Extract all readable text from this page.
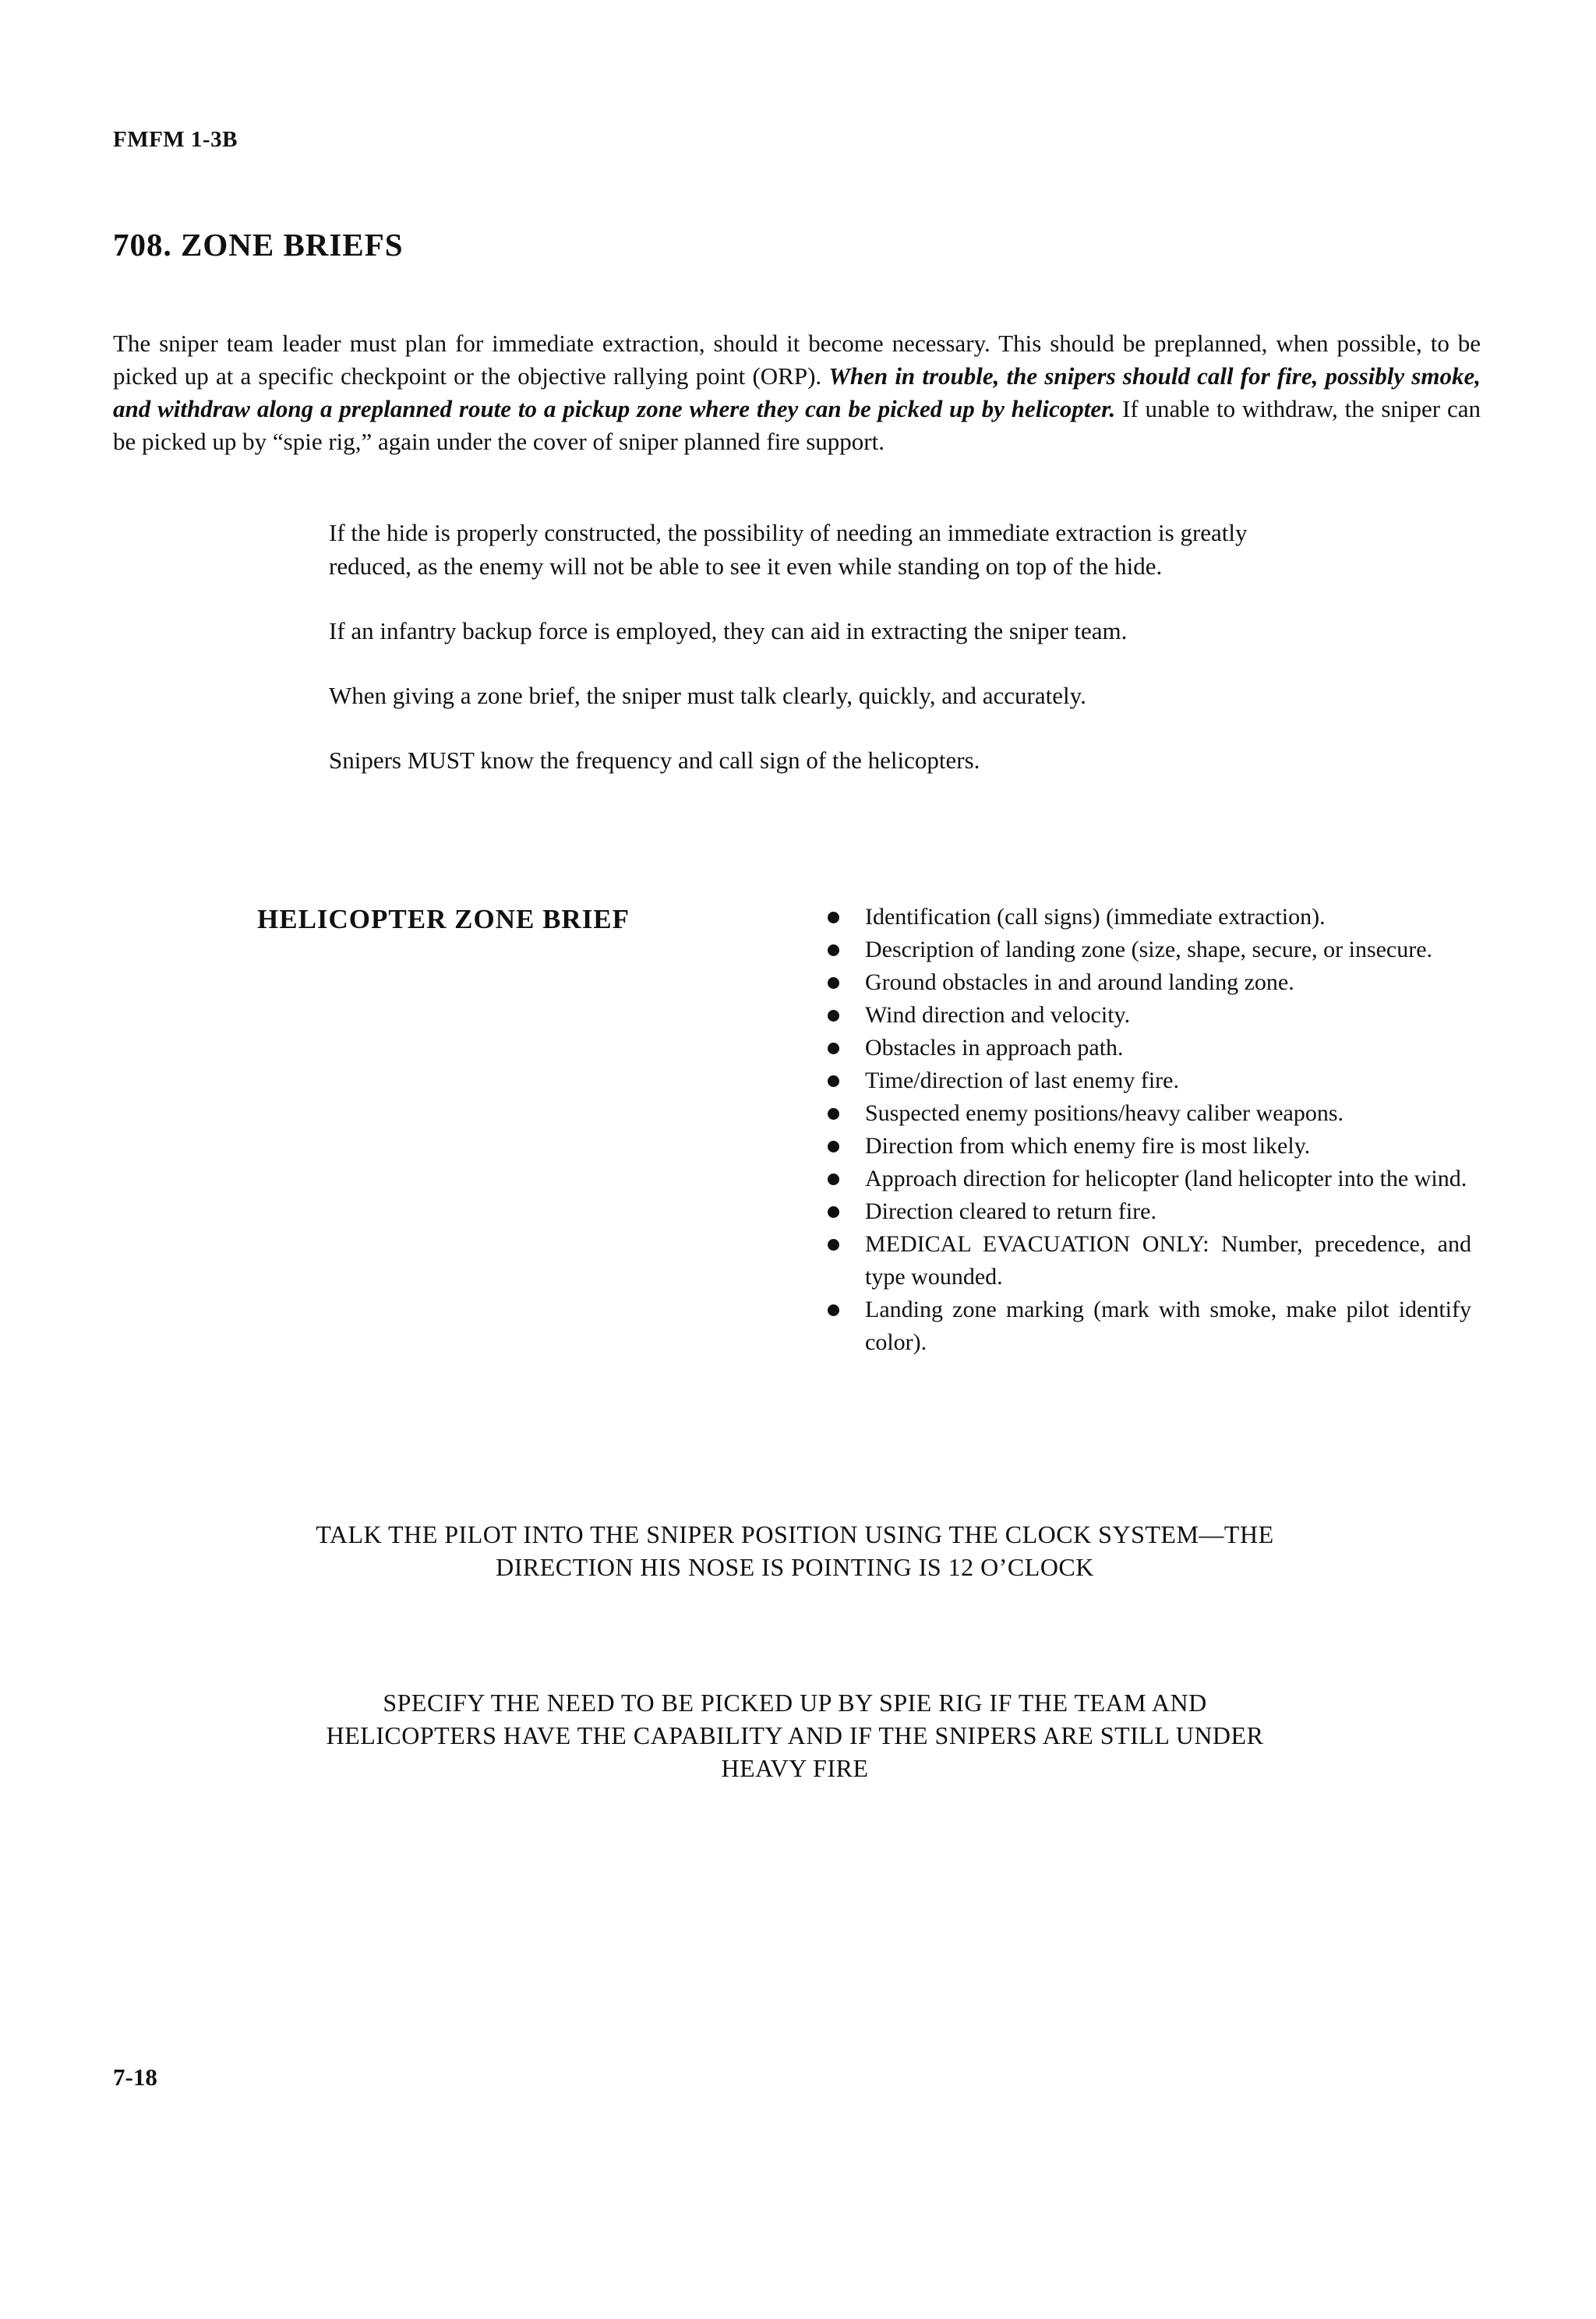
FMFM 1-3B
708. ZONE BRIEFS
The sniper team leader must plan for immediate extraction, should it become necessary. This should be preplanned, when possible, to be picked up at a specific checkpoint or the objective rallying point (ORP). When in trouble, the snipers should call for fire, possibly smoke, and withdraw along a preplanned route to a pickup zone where they can be picked up by helicopter. If unable to withdraw, the sniper can be picked up by “spie rig,” again under the cover of sniper planned fire support.

If the hide is properly constructed, the possibility of needing an immediate extraction is greatly reduced, as the enemy will not be able to see it even while standing on top of the hide.

If an infantry backup force is employed, they can aid in extracting the sniper team.

When giving a zone brief, the sniper must talk clearly, quickly, and accurately.

Snipers MUST know the frequency and call sign of the helicopters.

HELICOPTER ZONE BRIEF	Identification (call signs) (immediate extraction).
Description of landing zone (size, shape, secure, or insecure.
Ground obstacles in and around landing zone.
Wind direction and velocity.
Obstacles in approach path.
Time/direction of last enemy fire.
Suspected enemy positions/heavy caliber weapons.
Direction from which enemy fire is most likely.
Approach direction for helicopter (land helicopter into the wind.
Direction cleared to return fire.
MEDICAL EVACUATION ONLY: Number, precedence, and type wounded.
Landing zone marking (mark with smoke, make pilot identify color).
TALK THE PILOT INTO THE SNIPER POSITION USING THE CLOCK SYSTEM—THE DIRECTION HIS NOSE IS POINTING IS 12 O’CLOCK
SPECIFY THE NEED TO BE PICKED UP BY SPIE RIG IF THE TEAM AND HELICOPTERS HAVE THE CAPABILITY AND IF THE SNIPERS ARE STILL UNDER HEAVY FIRE
7-18
